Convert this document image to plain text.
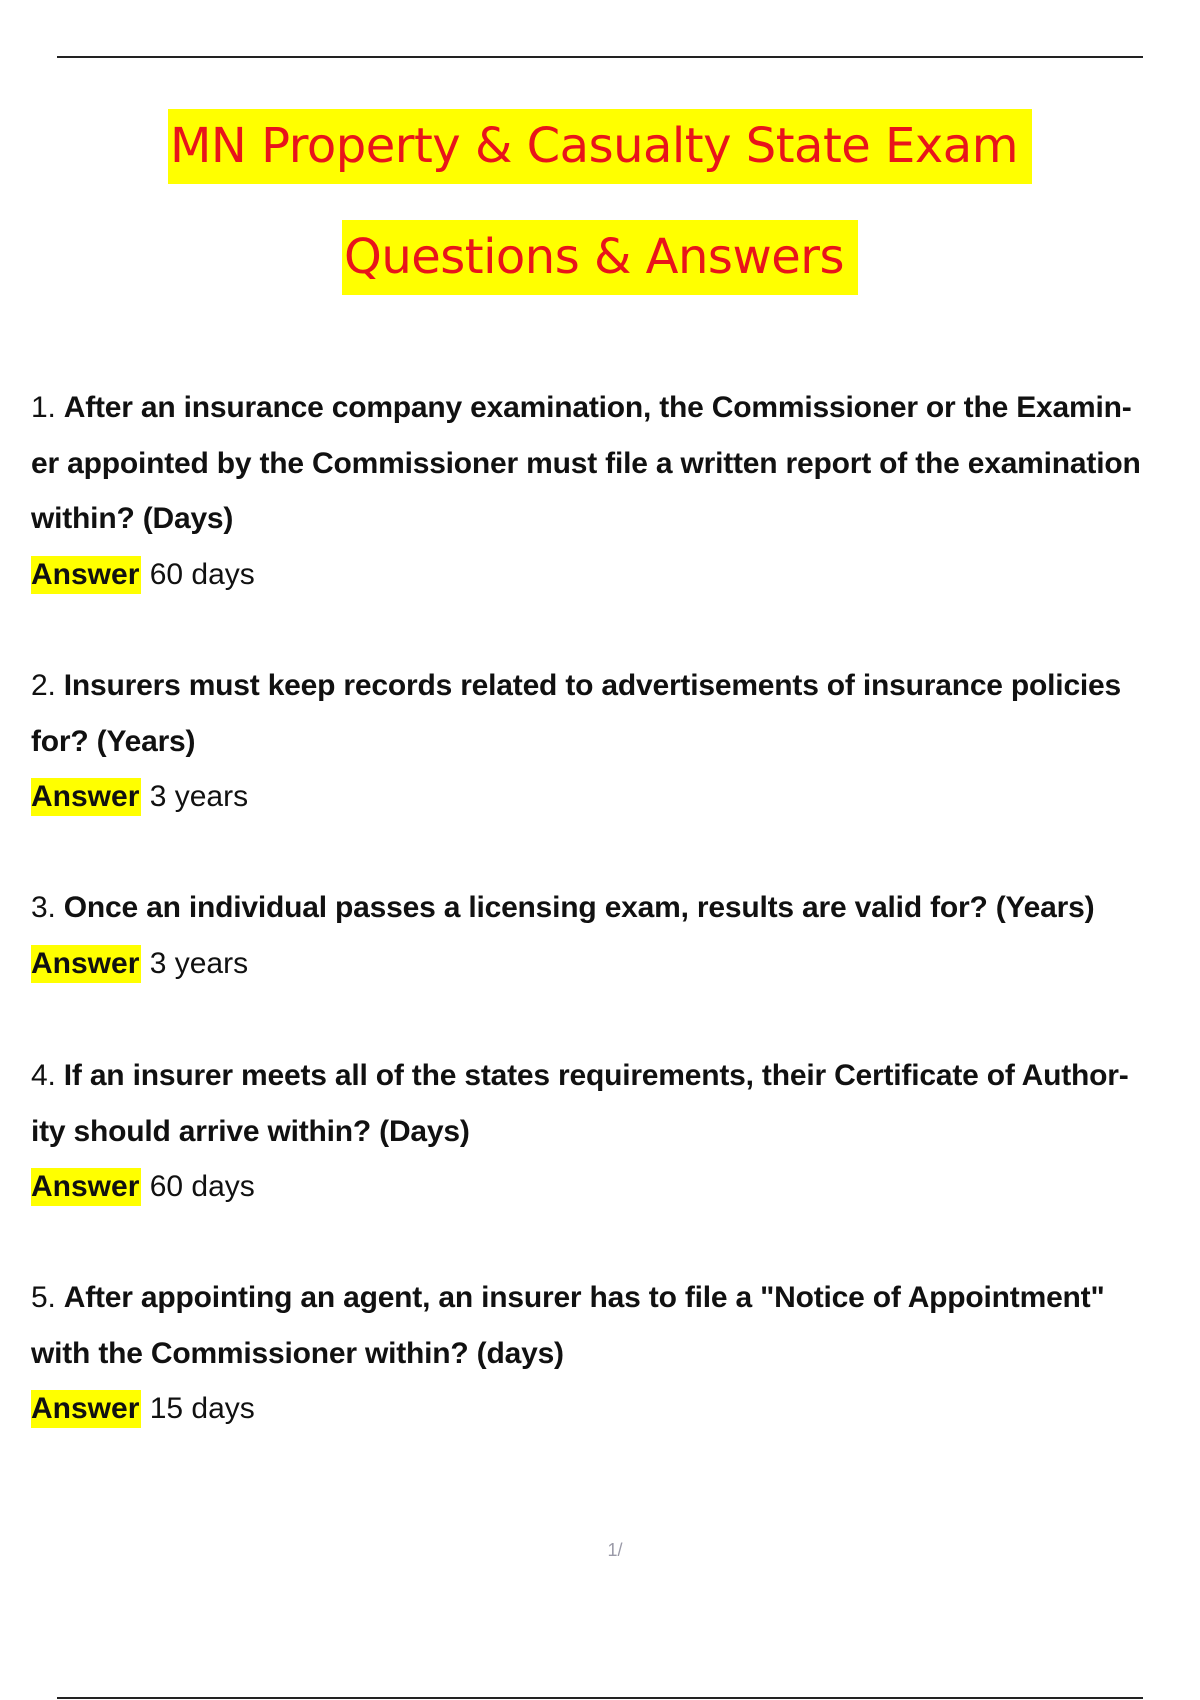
MN Property & Casualty State Exam
Questions & Answers

1. After an insurance company examination, the Commissioner or the Examin-

er appointed by the Commissioner must file a written report of the examination

within? (Days)

Answer 60 days

2. Insurers must keep records related to advertisements of insurance policies

for? (Years)

Answer 3 years

3. Once an individual passes a licensing exam, results are valid for? (Years)

Answer 3 years

4. If an insurer meets all of the states requirements, their Certificate of Author-

ity should arrive within? (Days)

Answer 60 days

5. After appointing an agent, an insurer has to file a "Notice of Appointment"

with the Commissioner within? (days)

Answer 15 days

1/
